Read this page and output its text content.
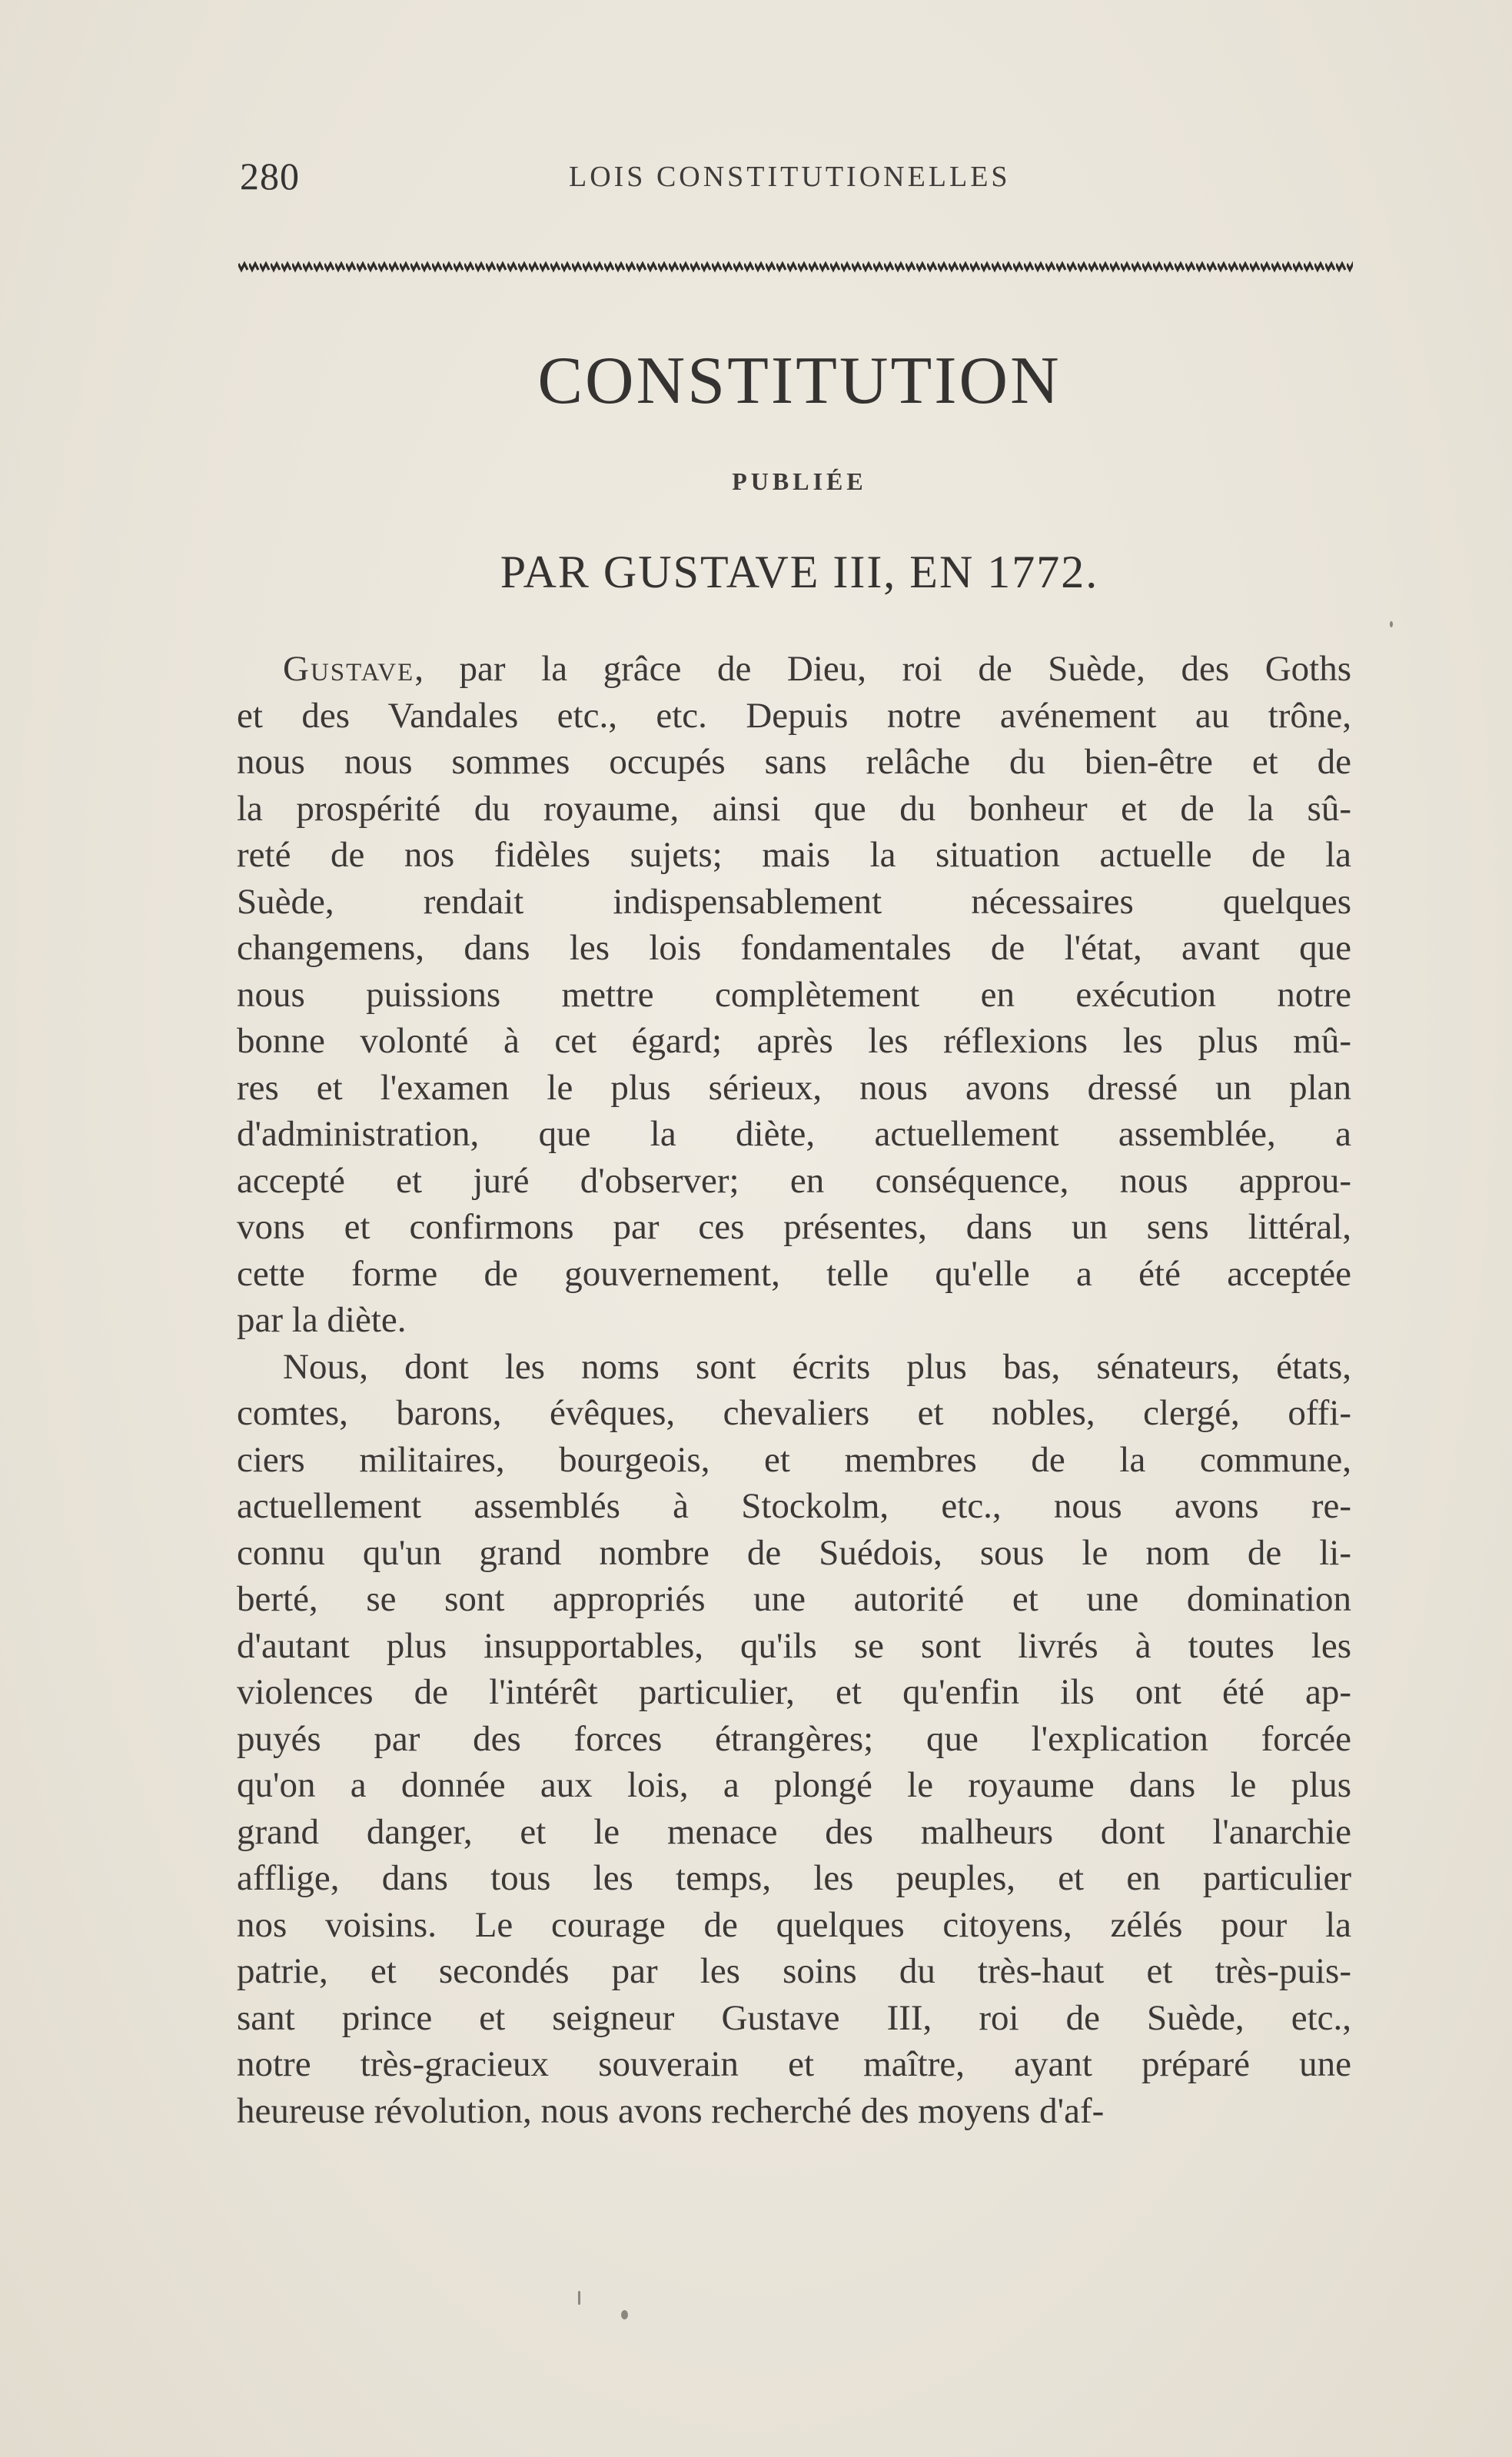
280	LOIS CONSTITUTIONELLES
CONSTITUTION
PUBLIÉE
PAR GUSTAVE III, EN 1772.
Gustave, par la grâce de Dieu, roi de Suède, des Goths
et des Vandales etc., etc. Depuis notre avénement au trône,
nous nous sommes occupés sans relâche du bien-être et de
la prospérité du royaume, ainsi que du bonheur et de la sû-
reté de nos fidèles sujets; mais la situation actuelle de la
Suède, rendait indispensablement nécessaires quelques
changemens, dans les lois fondamentales de l'état, avant que
nous puissions mettre complètement en exécution notre
bonne volonté à cet égard; après les réflexions les plus mû-
res et l'examen le plus sérieux, nous avons dressé un plan
d'administration, que la diète, actuellement assemblée, a
accepté et juré d'observer; en conséquence, nous approu-
vons et confirmons par ces présentes, dans un sens littéral,
cette forme de gouvernement, telle qu'elle a été acceptée
par la diète.
Nous, dont les noms sont écrits plus bas, sénateurs, états,
comtes, barons, évêques, chevaliers et nobles, clergé, offi-
ciers militaires, bourgeois, et membres de la commune,
actuellement assemblés à Stockolm, etc., nous avons re-
connu qu'un grand nombre de Suédois, sous le nom de li-
berté, se sont appropriés une autorité et une domination
d'autant plus insupportables, qu'ils se sont livrés à toutes les
violences de l'intérêt particulier, et qu'enfin ils ont été ap-
puyés par des forces étrangères; que l'explication forcée
qu'on a donnée aux lois, a plongé le royaume dans le plus
grand danger, et le menace des malheurs dont l'anarchie
afflige, dans tous les temps, les peuples, et en particulier
nos voisins. Le courage de quelques citoyens, zélés pour la
patrie, et secondés par les soins du très-haut et très-puis-
sant prince et seigneur Gustave III, roi de Suède, etc.,
notre très-gracieux souverain et maître, ayant préparé une
heureuse révolution, nous avons recherché des moyens d'af-
